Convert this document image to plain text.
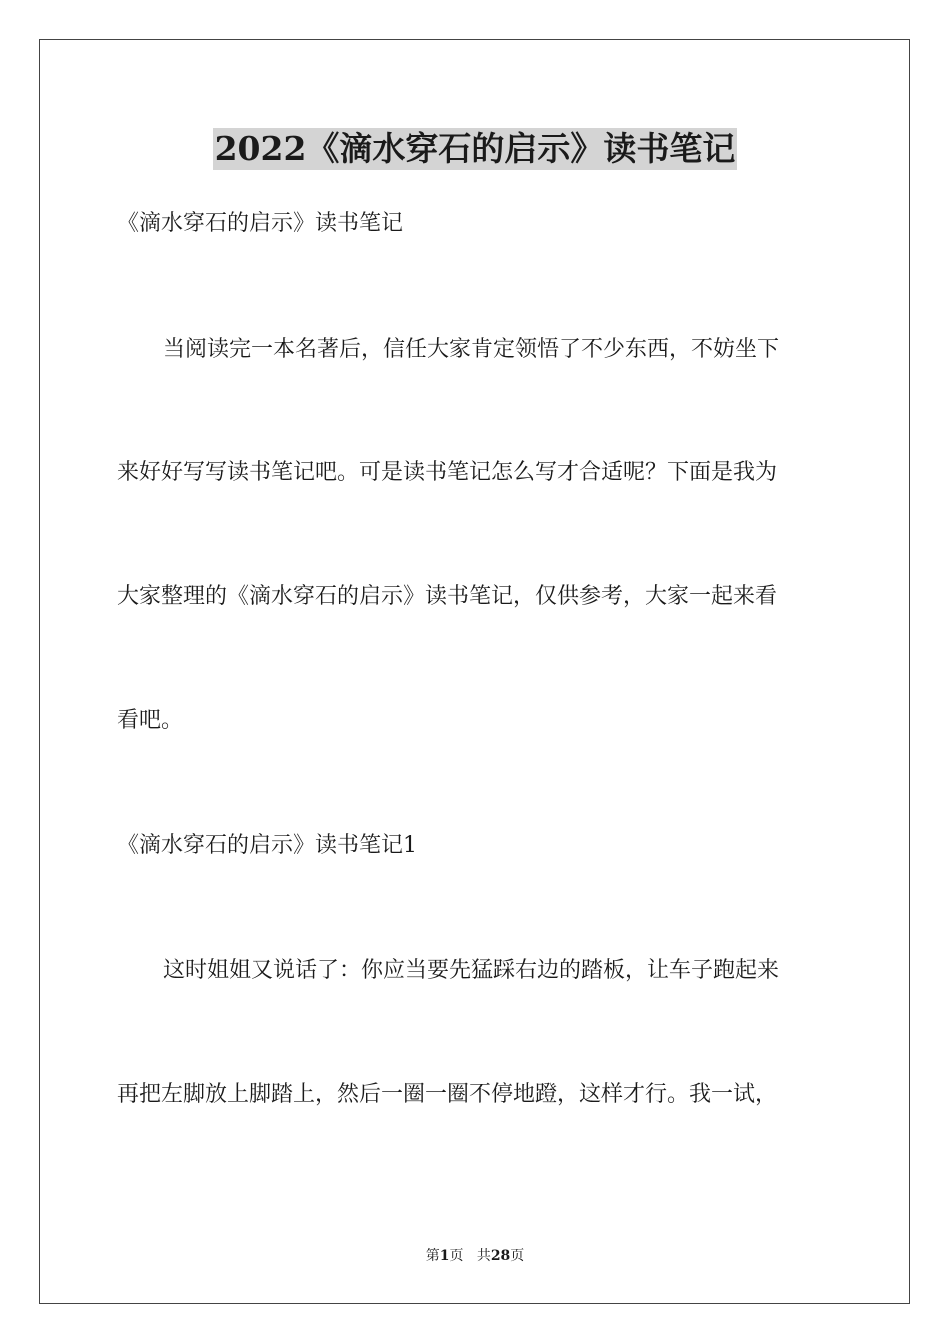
2022《滴水穿石的启示》读书笔记
《滴水穿石的启示》读书笔记
当阅读完一本名著后，信任大家肯定领悟了不少东西，不妨坐下
来好好写写读书笔记吧。可是读书笔记怎么写才合适呢？下面是我为
大家整理的《滴水穿石的启示》读书笔记，仅供参考，大家一起来看
看吧。
《滴水穿石的启示》读书笔记1
这时姐姐又说话了：你应当要先猛踩右边的踏板，让车子跑起来
再把左脚放上脚踏上，然后一圈一圈不停地蹬，这样才行。我一试，
第1页 共28页
